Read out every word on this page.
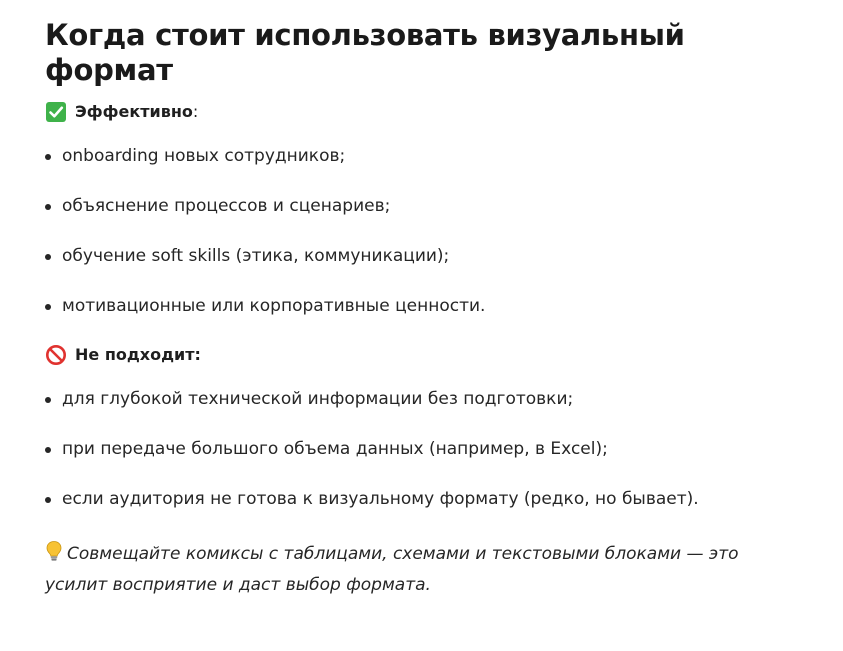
Когда стоит использовать визуальный формат
Эффективно :
onboarding новых сотрудников;
объяснение процессов и сценариев;
обучение soft skills (этика, коммуникации);
мотивационные или корпоративные ценности.
Не подходит:
для глубокой технической информации без подготовки;
при передаче большого объема данных (например, в Excel);
если аудитория не готова к визуальному формату (редко, но бывает).
Совмещайте комиксы с таблицами, схемами и текстовыми блоками — это усилит восприятие и даст выбор формата.
